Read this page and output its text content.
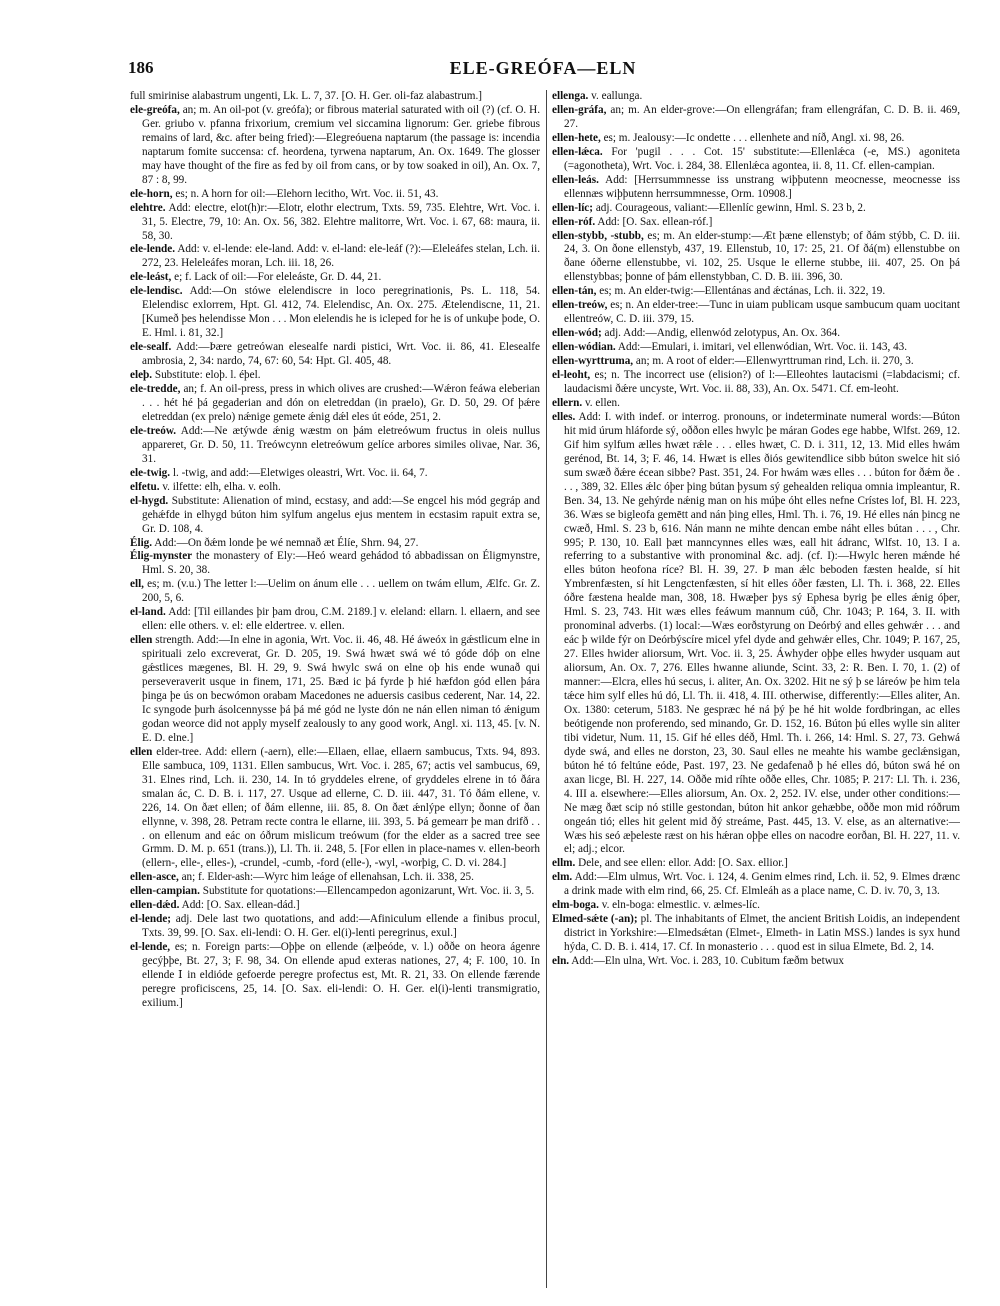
186	ELE-GREÓFA—ELN

full smirinise alabastrum ungenti, Lk. L. 7, 37. [O. H. Ger. oli-faz alabastrum.]

ele-greófa, an; m. An oil-pot (v. greófa); or fibrous material saturated with oil (?) (cf. O. H. Ger. griubo v. pfanna frixorium, cremium vel siccamina lignorum: Ger. griebe fibrous remains of lard, &c. after being fried):—Elegreóuena naptarum (the passage is: incendia naptarum fomite succensa: cf. heordena, tyrwena naptarum, An. Ox. 1649. The glosser may have thought of the fire as fed by oil from cans, or by tow soaked in oil), An. Ox. 7, 87 : 8, 99.

ele-horn, es; n. A horn for oil:—Elehorn lecitho, Wrt. Voc. ii. 51, 43.

elehtre. Add: electre, elot(h)r:—Elotr, elothr electrum, Txts. 59, 735. Elehtre, Wrt. Voc. i. 31, 5. Electre, 79, 10: An. Ox. 56, 382. Elehtre malitorre, Wrt. Voc. i. 67, 68: maura, ii. 58, 30.

ele-lende. Add: v. el-lende: ele-land. Add: v. el-land: ele-leáf (?):—Eleleáfes stelan, Lch. ii. 272, 23. Heleleáfes moran, Lch. iii. 18, 26.

ele-leást, e; f. Lack of oil:—For eleleáste, Gr. D. 44, 21.

ele-lendisc. Add:—On stówe elelendiscre in loco peregrinationis, Ps. L. 118, 54. Elelendisc exlorrem, Hpt. Gl. 412, 74. Elelendisc, An. Ox. 275. Ætelendiscne, 11, 21. [Kumeð þes helendisse Mon . . . Mon elelendis he is icleped for he is of unkuþe þode, O. E. Hml. i. 81, 32.]

ele-sealf. Add:—Þære getreówan elesealfe nardi pistici, Wrt. Voc. ii. 86, 41. Elesealfe ambrosia, 2, 34: nardo, 74, 67: 60, 54: Hpt. Gl. 405, 48.

eleþ. Substitute: eloþ. l. éþel.

ele-tredde, an; f. An oil-press, press in which olives are crushed:—Wǽron feáwa eleberian . . . hét hé þá gegaderian and dón on eletreddan (in praelo), Gr. D. 50, 29. Of þǽre eletreddan (ex prelo) nǽnige gemete ǽnig dǽl eles út eóde, 251, 2.

ele-treów. Add:—Ne ætýwde ǽnig wæstm on þám eletreówum fructus in oleis nullus appareret, Gr. D. 50, 11. Treówcynn eletreówum gelíce arbores similes olivae, Nar. 36, 31.

ele-twig. l. -twig, and add:—Eletwiges oleastri, Wrt. Voc. ii. 64, 7.

elfetu. v. ilfette: elh, elha. v. eolh.

el-hygd. Substitute: Alienation of mind, ecstasy, and add:—Se engcel his mód gegráp and gehǽfde in elhygd búton him sylfum angelus ejus mentem in ecstasim rapuit extra se, Gr. D. 108, 4.

Élig. Add:—On ðǽm londe þe wé nemnað æt Élíe, Shrn. 94, 27.

Élig-mynster the monastery of Ely:—Heó weard gehádod tó abbadissan on Éligmynstre, Hml. S. 20, 38.

ell, es; m. (v.u.) The letter l:—Uelim on ánum elle . . . uellem on twám ellum, Ælfc. Gr. Z. 200, 5, 6.

el-land. Add: [Til eillandes þir þam drou, C.M. 2189.] v. eleland: ellarn. l. ellaern, and see ellen: elle others. v. el: elle eldertree. v. ellen.

ellen strength. Add:—In elne in agonia, Wrt. Voc. ii. 46, 48. Hé áweóx in gǽstlicum elne in spirituali zelo excreverat, Gr. D. 205, 19. Swá hwæt swá wé tó góde dóþ on elne gǽstlices mægenes, Bl. H. 29, 9. Swá hwylc swá on elne oþ his ende wunað qui perseveraverit usque in finem, 171, 25. Bæd ic þá fyrde þ hié hæfdon gód ellen þára þinga þe ús on becwómon orabam Macedones ne aduersis casibus cederent, Nar. 14, 22. Ic syngode þurh ásolcennysse þá þá mé gód ne lyste dón ne nán ellen niman tó ǽnigum godan weorce did not apply myself zealously to any good work, Angl. xi. 113, 45. [v. N. E. D. elne.]

ellen elder-tree. Add: ellern (-aern), elle:—Ellaen, ellae, ellaern sambucus, Txts. 94, 893. Elle sambuca, 109, 1131. Ellen sambucus, Wrt. Voc. i. 285, 67; actis vel sambucus, 69, 31. Elnes rind, Lch. ii. 230, 14. In tó gryddeles elrene, of gryddeles elrene in tó ðára smalan ác, C. D. B. i. 117, 27. Usque ad ellerne, C. D. iii. 447, 31. Tó ðám ellene, v. 226, 14. On ðæt ellen; of ðám ellenne, iii. 85, 8. On ðæt ǽnlýpe ellyn; ðonne of ðan ellynne, v. 398, 28. Petram recte contra le ellarne, iii. 393, 5. Þá gemearr þe man drifð . . . on ellenum and eác on óðrum mislicum treówum (for the elder as a sacred tree see Grmm. D. M. p. 651 (trans.)), Ll. Th. ii. 248, 5. [For ellen in place-names v. ellen-beorh (ellern-, elle-, elles-), -crundel, -cumb, -ford (elle-), -wyl, -worþig, C. D. vi. 284.]

ellen-asce, an; f. Elder-ash:—Wyrc him leáge of ellenahsan, Lch. ii. 338, 25.

ellen-campian. Substitute for quotations:—Ellencampedon agonizarunt, Wrt. Voc. ii. 3, 5.

ellen-dǽd. Add: [O. Sax. ellean-dád.]

el-lende; adj. Dele last two quotations, and add:—Afiniculum ellende a finibus procul, Txts. 39, 99. [O. Sax. eli-lendi: O. H. Ger. el(i)-lenti peregrinus, exul.]

el-lende, es; n. Foreign parts:—Oþþe on ellende (ælþeóde, v. l.) oððe on heora ágenre gecýþþe, Bt. 27, 3; F. 98, 34. On ellende apud exteras nationes, 27, 4; F. 100, 10. In ellende Ⅰ in eldióde gefoerde peregre profectus est, Mt. R. 21, 33. On ellende færende peregre proficiscens, 25, 14. [O. Sax. eli-lendi: O. H. Ger. el(i)-lenti transmigratio, exilium.]

ellenga. v. eallunga.

ellen-gráfa, an; m. An elder-grove:—On ellengráfan; fram ellengráfan, C. D. B. ii. 469, 27.

ellen-hete, es; m. Jealousy:—Ic ondette . . . ellenhete and níð, Angl. xi. 98, 26.

ellen-lǽca. For 'pugil . . . Cot. 15' substitute:—Ellenlǽca (-e, MS.) agoniteta (=agonotheta), Wrt. Voc. i. 284, 38. Ellenlǽca agontea, ii. 8, 11. Cf. ellen-campian.

ellen-leás. Add: [Herrsummnesse iss unstrang wiþþutenn meocnesse, meocnesse iss ellennæs wiþþutenn herrsummnesse, Orm. 10908.]

ellen-líc; adj. Courageous, valiant:—Ellenlíc gewinn, Hml. S. 23 b, 2.

ellen-róf. Add: [O. Sax. ellean-róf.]

ellen-stybb, -stubb, es; m. An elder-stump:—Æt þæne ellenstyb; of ðám stýbb, C. D. iii. 24, 3. On ðone ellenstyb, 437, 19. Ellenstub, 10, 17: 25, 21. Of ðá(m) ellenstubbe on ðane óðerne ellenstubbe, vi. 102, 25. Usque le ellerne stubbe, iii. 407, 25. On þá ellenstybbas; þonne of þám ellenstybban, C. D. B. iii. 396, 30.

ellen-tán, es; m. An elder-twig:—Ellentánas and ǽctánas, Lch. ii. 322, 19.

ellen-treów, es; n. An elder-tree:—Tunc in uiam publicam usque sambucum quam uocitant ellentreów, C. D. iii. 379, 15.

ellen-wód; adj. Add:—Andig, ellenwód zelotypus, An. Ox. 364.

ellen-wódian. Add:—Emulari, i. imitari, vel ellenwódian, Wrt. Voc. ii. 143, 43.

ellen-wyrttruma, an; m. A root of elder:—Ellenwyrttruman rind, Lch. ii. 270, 3.

el-leoht, es; n. The incorrect use (elision?) of l:—Elleohtes lautacismi (=labdacismi; cf. laudacismi ðǽre uncyste, Wrt. Voc. ii. 88, 33), An. Ox. 5471. Cf. em-leoht.

ellern. v. ellen.

elles. Add: I. with indef. or interrog. pronouns, or indeterminate numeral words:—Búton hit mid úrum hláforde sý, oððon elles hwylc þe máran Godes ege habbe, Wlfst. 269, 12. Gif him sylfum ælles hwæt rǽle . . . elles hwæt, C. D. i. 311, 12, 13. Mid elles hwám gerénod, Bt. 14, 3; F. 46, 14. Hwæt is elles ðiós gewitendlice sibb búton swelce hit sió sum swæð ðǽre écean sibbe? Past. 351, 24. For hwám wæs elles . . . búton for ðǽm ðe . . . , 389, 32. Elles ǽlc óþer þing bútan þysum sý gehealden reliqua omnia impleantur, R. Ben. 34, 13. Ne gehýrde nǽnig man on his múþe óht elles nefne Crístes lof, Bl. H. 223, 36. Wæs se bigleofa gemētt and nán þing elles, Hml. Th. i. 76, 19. Hé elles nán þincg ne cwæð, Hml. S. 23 b, 616. Nán mann ne mihte dencan embe náht elles bútan . . . , Chr. 995; P. 130, 10. Eall þæt manncynnes elles wæs, eall hit ádranc, Wlfst. 10, 13. I a. referring to a substantive with pronominal &c. adj. (cf. I):—Hwylc heren mǽnde hé elles búton heofona ríce? Bl. H. 39, 27. Þ man ǽlc beboden fæsten healde, sí hit Ymbrenfæsten, sí hit Lengctenfæsten, sí hit elles óðer fæsten, Ll. Th. i. 368, 22. Elles óðre fæstena healde man, 308, 18. Hwæþer þys sý Ephesa byrig þe elles ǽnig óþer, Hml. S. 23, 743. Hit wæs elles feáwum mannum cúð, Chr. 1043; P. 164, 3. II. with pronominal adverbs. (1) local:—Wæs eorðstyrung on Deórbý and elles gehwǽr . . . and eác þ wilde fýr on Deórbýscíre micel yfel dyde and gehwǽr elles, Chr. 1049; P. 167, 25, 27. Elles hwider aliorsum, Wrt. Voc. ii. 3, 25. Áwhyder oþþe elles hwyder usquam aut aliorsum, An. Ox. 7, 276. Elles hwanne aliunde, Scint. 33, 2: R. Ben. I. 70, 1. (2) of manner:—Elcra, elles hú secus, i. aliter, An. Ox. 3202. Hit ne sý þ se láreów þe him tela tǽce him sylf elles hú dó, Ll. Th. ii. 418, 4. III. otherwise, differently:—Elles aliter, An. Ox. 1380: ceterum, 5183. Ne gespræc hé ná þý þe hé hit wolde fordbringan, ac elles beótigende non proferendo, sed minando, Gr. D. 152, 16. Búton þú elles wylle sin aliter tibi videtur, Num. 11, 15. Gif hé elles déð, Hml. Th. i. 266, 14: Hml. S. 27, 73. Gehwá dyde swá, and elles ne dorston, 23, 30. Saul elles ne meahte his wambe geclǽnsigan, búton hé tó feltúne eóde, Past. 197, 23. Ne gedafenað þ hé elles dó, búton swá hé on axan licge, Bl. H. 227, 14. Oððe mid ríhte oððe elles, Chr. 1085; P. 217: Ll. Th. i. 236, 4. III a. elsewhere:—Elles aliorsum, An. Ox. 2, 252. IV. else, under other conditions:—Ne mæg ðæt scip nó stille gestondan, búton hit ankor gehæbbe, oððe mon mid róðrum ongeán tió; elles hit gelent mid ðý streáme, Past. 445, 13. V. else, as an alternative:—Wæs his seó æþeleste ræst on his hǽran oþþe elles on nacodre eorðan, Bl. H. 227, 11. v. el; adj.; elcor.

ellm. Dele, and see ellen: ellor. Add: [O. Sax. ellior.]

elm. Add:—Elm ulmus, Wrt. Voc. i. 124, 4. Genim elmes rind, Lch. ii. 52, 9. Elmes drænc a drink made with elm rind, 66, 25. Cf. Elmleáh as a place name, C. D. iv. 70, 3, 13.

elm-boga. v. eln-boga: elmestlic. v. ælmes-líc.

Elmed-sǽte (-an); pl. The inhabitants of Elmet, the ancient British Loidis, an independent district in Yorkshire:—Elmedsǽtan (Elmet-, Elmeth- in Latin MSS.) landes is syx hund hýda, C. D. B. i. 414, 17. Cf. In monasterio . . . quod est in silua Elmete, Bd. 2, 14.

eln. Add:—Eln ulna, Wrt. Voc. i. 283, 10. Cubitum fæðm betwux
